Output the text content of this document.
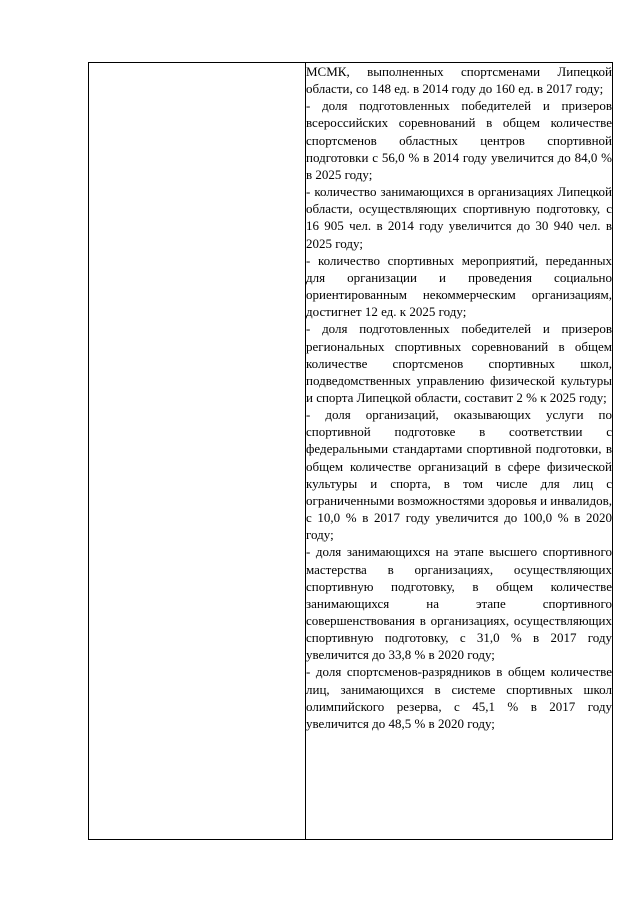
МСМК, выполненных спортсменами Липецкой области, со 148 ед. в 2014 году до 160 ед. в 2017 году;

- доля подготовленных победителей и призеров всероссийских соревнований в общем количестве спортсменов областных центров спортивной подготовки с 56,0 % в 2014 году увеличится до 84,0 % в 2025 году;

- количество занимающихся в организациях Липецкой области, осуществляющих спортивную подготовку, с 16 905 чел. в 2014 году увеличится до 30 940 чел. в 2025 году;

- количество спортивных мероприятий, переданных для организации и проведения социально ориентированным некоммерческим организациям, достигнет 12 ед. к 2025 году;

- доля подготовленных победителей и призеров региональных спортивных соревнований в общем количестве спортсменов спортивных школ, подведомственных управлению физической культуры и спорта Липецкой области, составит 2 % к 2025 году;

- доля организаций, оказывающих услуги по спортивной подготовке в соответствии с федеральными стандартами спортивной подготовки, в общем количестве организаций в сфере физической культуры и спорта, в том числе для лиц с ограниченными возможностями здоровья и инвалидов, с 10,0 % в 2017 году увеличится до 100,0 % в 2020 году;

- доля занимающихся на этапе высшего спортивного мастерства в организациях, осуществляющих спортивную подготовку, в общем количестве занимающихся на этапе спортивного совершенствования в организациях, осуществляющих спортивную подготовку, с 31,0 % в 2017 году увеличится до 33,8 % в 2020 году;

- доля спортсменов-разрядников в общем количестве лиц, занимающихся в системе спортивных школ олимпийского резерва, с 45,1 % в 2017 году увеличится до 48,5 % в 2020 году;
